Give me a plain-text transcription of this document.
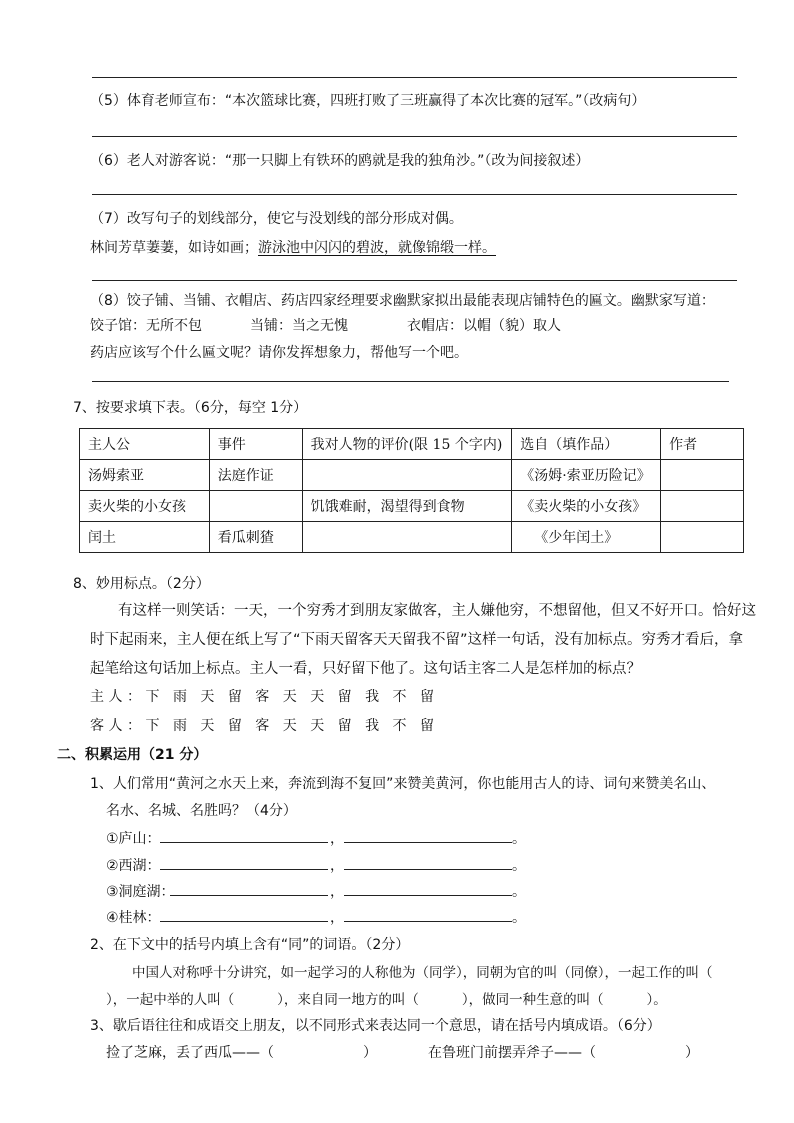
（5）体育老师宣布：“本次篮球比赛，四班打败了三班赢得了本次比赛的冠军。”（改病句）
（6）老人对游客说：“那一只脚上有铁环的鸥就是我的独角沙。”（改为间接叙述）
（7）改写句子的划线部分，使它与没划线的部分形成对偶。
林间芳草萋萋，如诗如画；游泳池中闪闪的碧波，就像锦缎一样。
（8）饺子铺、当铺、衣帽店、药店四家经理要求幽默家拟出最能表现店铺特色的匾文。幽默家写道：
饺子馆：无所不包	当铺：当之无愧	衣帽店：以帽（貌）取人
药店应该写个什么匾文呢？请你发挥想象力，帮他写一个吧。
7、按要求填下表。（6分，每空 1分）
主人公	事件	我对人物的评价(限 15 个字内)	选自（填作品）	作者
汤姆索亚	法庭作证		《汤姆·索亚历险记》	
卖火柴的小女孩		饥饿难耐，渴望得到食物	《卖火柴的小女孩》	
闰土	看瓜刺猹		《少年闰土》	
8、妙用标点。（2分）
有这样一则笑话：一天，一个穷秀才到朋友家做客，主人嫌他穷，不想留他，但又不好开口。恰好这
时下起雨来，主人便在纸上写了“下雨天留客天天留我不留”这样一句话，没有加标点。穷秀才看后，拿
起笔给这句话加上标点。主人一看，只好留下他了。这句话主客二人是怎样加的标点？
主人：下 雨 天 留 客 天 天 留 我 不 留
客人：下 雨 天 留 客 天 天 留 我 不 留
二、积累运用（21 分）
1、人们常用“黄河之水天上来，奔流到海不复回”来赞美黄河，你也能用古人的诗、词句来赞美名山、
名水、名城、名胜吗？（4分）
①庐山：	，	。
②西湖：	，	。
③洞庭湖：	，	。
④桂林：	，	。
2、在下文中的括号内填上含有“同”的词语。（2分）
中国人对称呼十分讲究，如一起学习的人称他为（同学），同朝为官的叫（同僚），一起工作的叫（
），一起中举的人叫（          ），来自同一地方的叫（          ），做同一种生意的叫（          ）。
3、歇后语往往和成语交上朋友，以不同形式来表达同一个意思，请在括号内填成语。（6分）
捡了芝麻，丢了西瓜——（                    ）	在鲁班门前摆弄斧子——（                    ）
